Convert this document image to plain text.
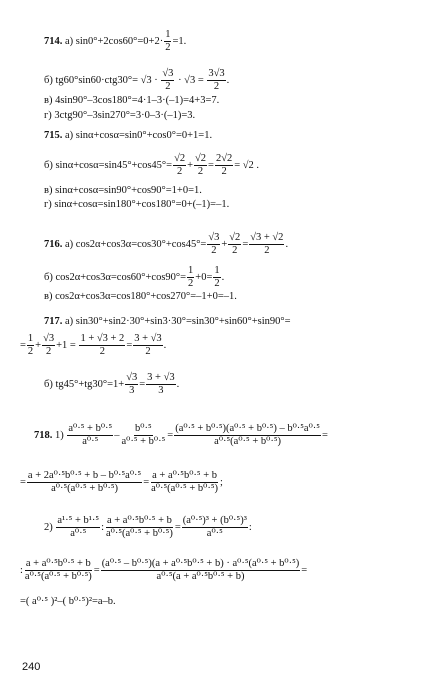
714. а) $\sin 0^\circ+2\cos 60^\circ=0+2\cdot \frac{1}{2} =1$.
б) $tg60^\circ\sin 60\cdot ctg30^\circ= √3 \cdot \frac{√3}{2} \cdot √3 = \frac{3√3}{2}$ .
в) 4sin90°–3cos180°=4·1–3·(–1)=4+3=7.
г) 3ctg90°–3sin270°=3·0–3·(–1)=3.
715. а) sinα+cosα=sin0°+cos0°=0+1=1.
б) $\sin\alpha+\cos\alpha=\sin 45^\circ+\cos 45^\circ= \frac{√2}{2} + \frac{√2}{2} = \frac{2√2}{2} = √2$ .
в) sinα+cosα=sin90°+cos90°=1+0=1.
г) sinα+cosα=sin180°+cos180°=0+(–1)=–1.
716. а) $\cos 2\alpha+\cos 3\alpha=\cos 30^\circ+\cos 45^\circ= \frac{√3}{2} + \frac{√2}{2} = \frac{√3 + √2}{2}$ .
б) $\cos 2\alpha+\cos 3\alpha=\cos 60^\circ+\cos 90^\circ= \frac{1}{2} +0= \frac{1}{2}$ .
в) cos2α+cos3α=cos180°+cos270°=–1+0=–1.
717. а) sin30°+sin2·30°+sin3·30°=sin30°+sin60°+sin90°=
= $\frac{1}{2} + \frac{√3}{2} +1 = \frac{1 + √3 + 2}{2} = \frac{3 + √3}{2}$ .
б) $tg45^\circ+tg30^\circ=1+ \frac{√3}{3} = \frac{3 + √3}{3}$ .
718. $1) \frac{\text{a⁰·⁵ + b⁰·⁵}}{\text{a⁰·⁵}} - \frac{\text{b⁰·⁵}}{\text{a⁰·⁵ + b⁰·⁵}} = \frac{\text{(a⁰·⁵ + b⁰·⁵)(a⁰·⁵ + b⁰·⁵) – b⁰·⁵a⁰·⁵}}{\text{a⁰·⁵(a⁰·⁵ + b⁰·⁵)}}$ =
= $\frac{\text{a + 2a⁰·⁵b⁰·⁵ + b – b⁰·⁵a⁰·⁵}}{\text{a⁰·⁵(a⁰·⁵ + b⁰·⁵)}} = \frac{\text{a + a⁰·⁵b⁰·⁵ + b}}{\text{a⁰·⁵(a⁰·⁵ + b⁰·⁵)}}$ ;
$2) \frac{\text{a¹·⁵ + b¹·⁵}}{\text{a⁰·⁵}}$ : $\frac{\text{a + a⁰·⁵b⁰·⁵ + b}}{\text{a⁰·⁵(a⁰·⁵ + b⁰·⁵)}} = \frac{\text{(a⁰·⁵)³ + (b⁰·⁵)³}}{\text{a⁰·⁵}}$ :
: $\frac{\text{a + a⁰·⁵b⁰·⁵ + b}}{\text{a⁰·⁵(a⁰·⁵ + b⁰·⁵)}} = \frac{\text{(a⁰·⁵ – b⁰·⁵)(a + a⁰·⁵b⁰·⁵ + b) · a⁰·⁵(a⁰·⁵ + b⁰·⁵)}}{\text{a⁰·⁵(a + a⁰·⁵b⁰·⁵ + b)}}$ =
=( a⁰·⁵ )²–( b⁰·⁵)²=a–b.
240
